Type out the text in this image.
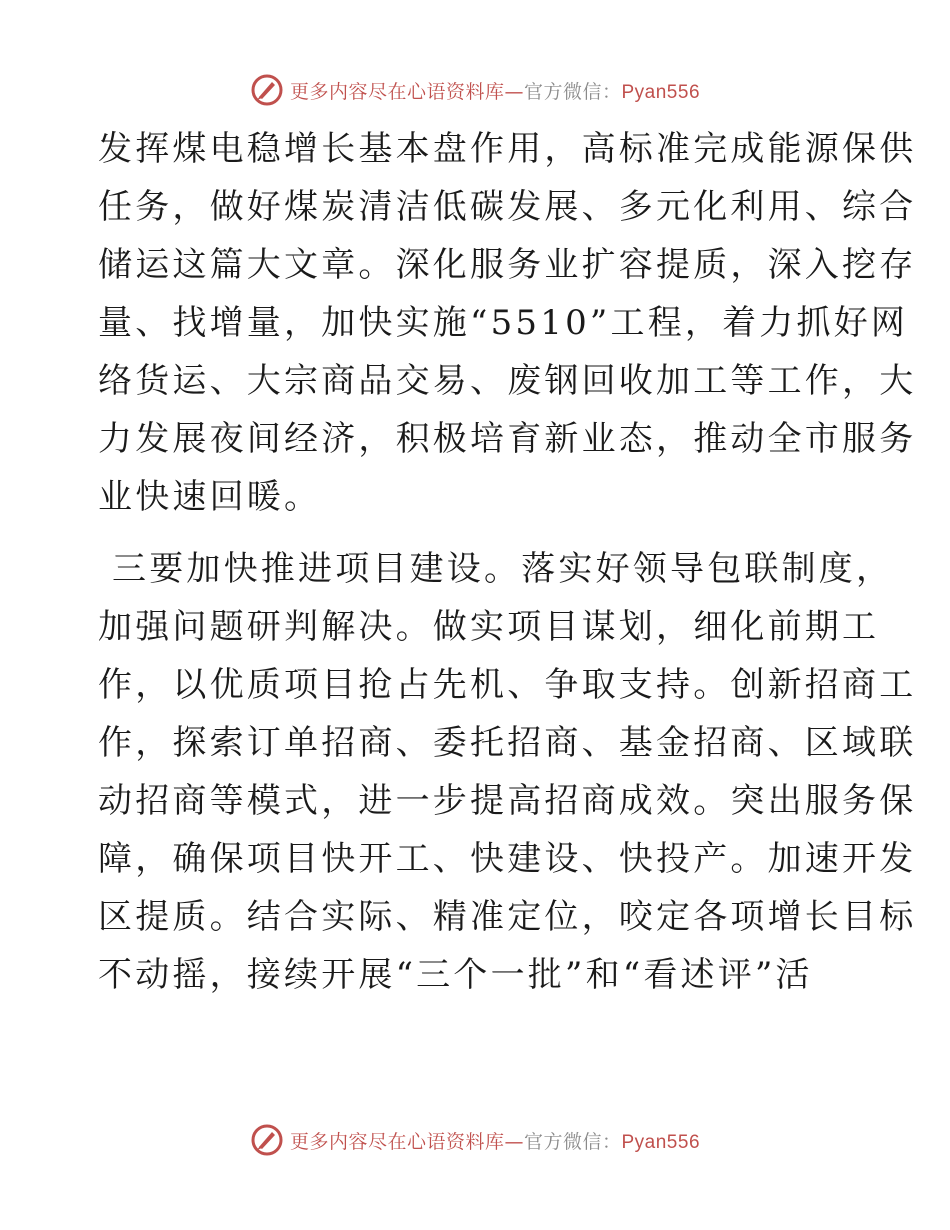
更多内容尽在心语资料库—官方微信：Pyan556
发挥煤电稳增长基本盘作用，高标准完成能源保供
任务，做好煤炭清洁低碳发展、多元化利用、综合
储运这篇大文章。深化服务业扩容提质，深入挖存
量、找增量，加快实施“5510”工程，着力抓好网
络货运、大宗商品交易、废钢回收加工等工作，大
力发展夜间经济，积极培育新业态，推动全市服务
业快速回暖。
三要加快推进项目建设。落实好领导包联制度，
加强问题研判解决。做实项目谋划，细化前期工
作，以优质项目抢占先机、争取支持。创新招商工
作，探索订单招商、委托招商、基金招商、区域联
动招商等模式，进一步提高招商成效。突出服务保
障，确保项目快开工、快建设、快投产。加速开发
区提质。结合实际、精准定位，咬定各项增长目标
不动摇，接续开展“三个一批”和“看述评”活
更多内容尽在心语资料库—官方微信：Pyan556
